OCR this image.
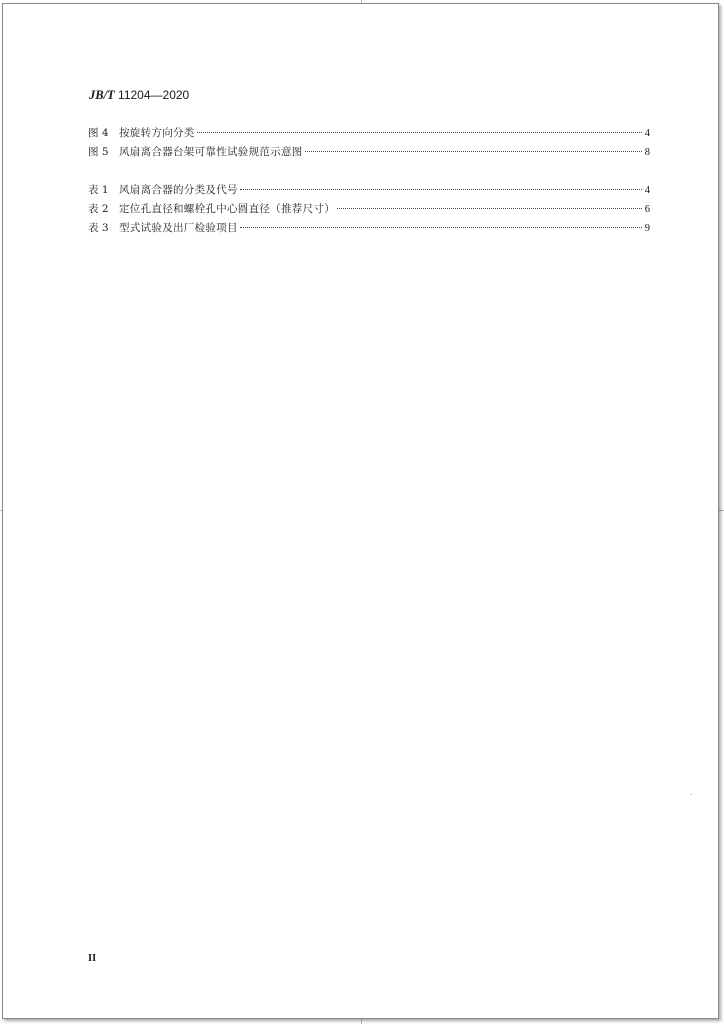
JB/T 11204—2020
图 4 按旋转方向分类	4
图 5 风扇离合器台架可靠性试验规范示意图	8
表 1 风扇离合器的分类及代号	4
表 2 定位孔直径和螺栓孔中心圆直径（推荐尺寸）	6
表 3 型式试验及出厂检验项目	9
II
